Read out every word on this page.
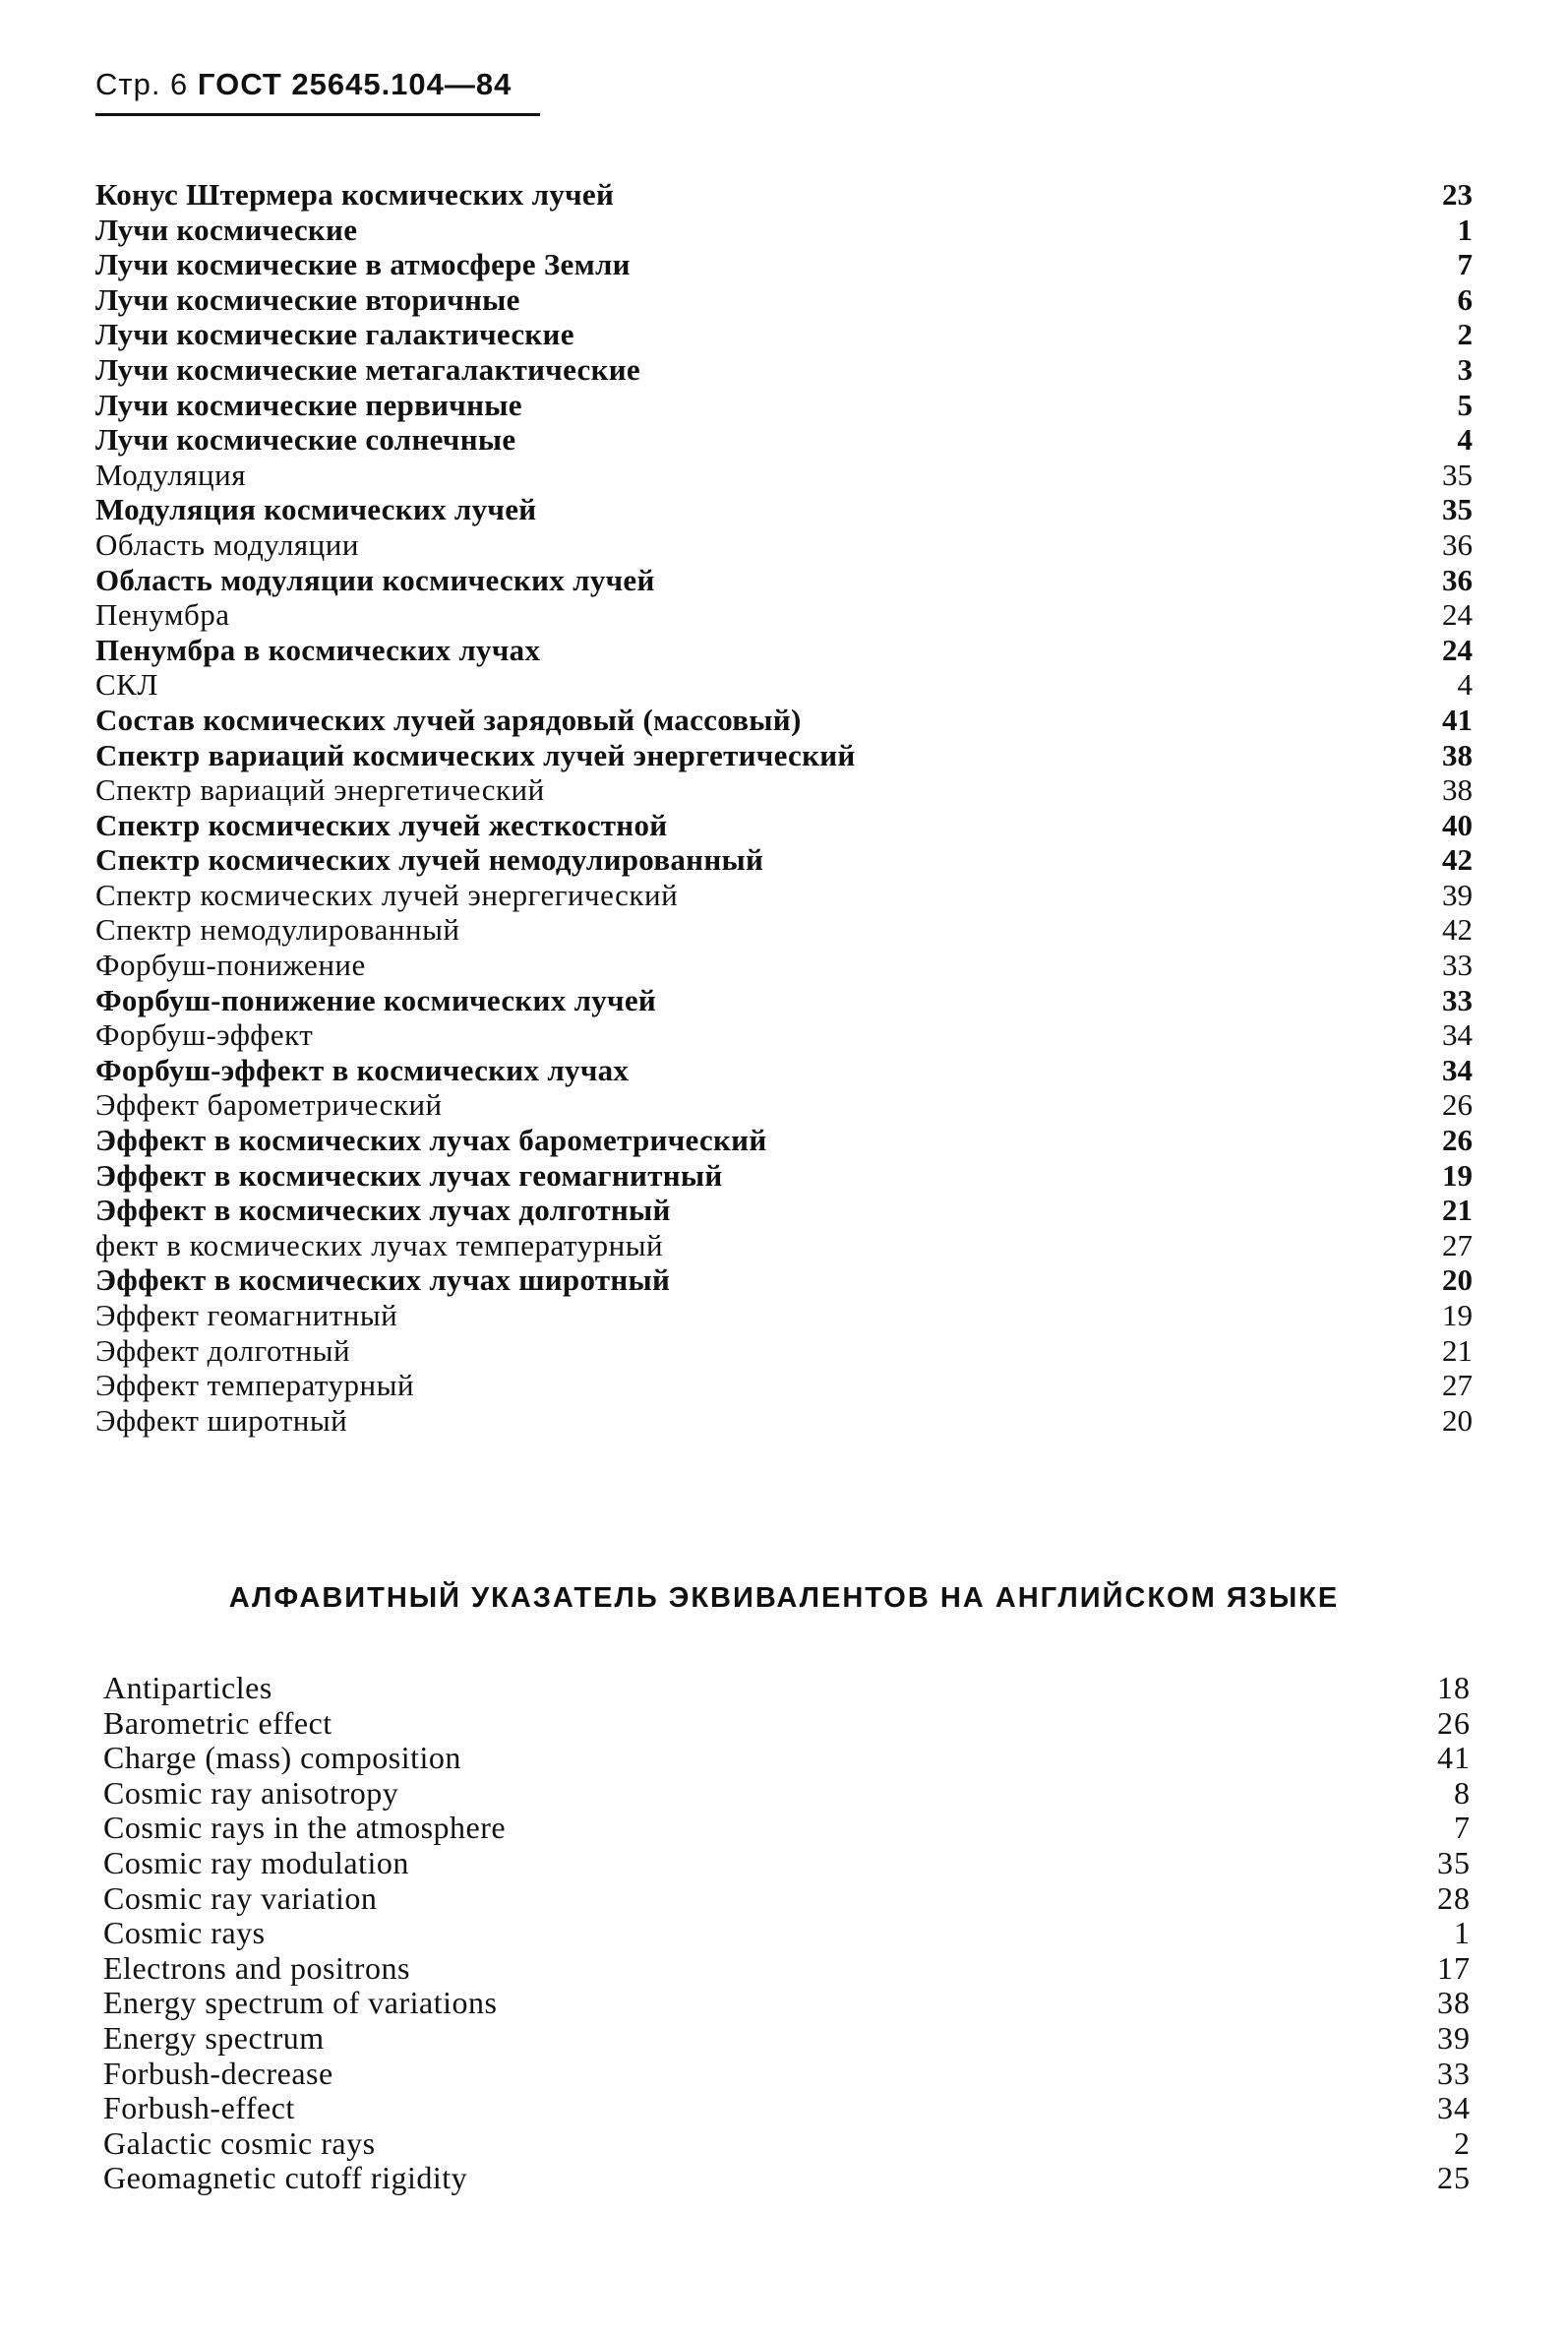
Стр. 6 ГОСТ 25645.104—84
Конус Штермера космических лучей	23
Лучи космические	1
Лучи космические в атмосфере Земли	7
Лучи космические вторичные	6
Лучи космические галактические	2
Лучи космические метагалактические	3
Лучи космические первичные	5
Лучи космические солнечные	4
Модуляция	35
Модуляция космических лучей	35
Область модуляции	36
Область модуляции космических лучей	36
Пенумбра	24
Пенумбра в космических лучах	24
СКЛ	4
Состав космических лучей зарядовый (массовый)	41
Спектр вариаций космических лучей энергетический	38
Спектр вариаций энергетический	38
Спектр космических лучей жесткостной	40
Спектр космических лучей немодулированный	42
Спектр космических лучей энергегический	39
Спектр немодулированный	42
Форбуш-понижение	33
Форбуш-понижение космических лучей	33
Форбуш-эффект	34
Форбуш-эффект в космических лучах	34
Эффект барометрический	26
Эффект в космических лучах барометрический	26
Эффект в космических лучах геомагнитный	19
Эффект в космических лучах долготный	21
фект в космических лучах температурный	27
Эффект в космических лучах широтный	20
Эффект геомагнитный	19
Эффект долготный	21
Эффект температурный	27
Эффект широтный	20
АЛФАВИТНЫЙ УКАЗАТЕЛЬ ЭКВИВАЛЕНТОВ НА АНГЛИЙСКОМ ЯЗЫКЕ
Antiparticles	18
Barometric effect	26
Charge (mass) composition	41
Cosmic ray anisotropy	8
Cosmic rays in the atmosphere	7
Cosmic ray modulation	35
Cosmic ray variation	28
Cosmic rays	1
Electrons and positrons	17
Energy spectrum of variations	38
Energy spectrum	39
Forbush-decrease	33
Forbush-effect	34
Galactic cosmic rays	2
Geomagnetic cutoff rigidity	25
